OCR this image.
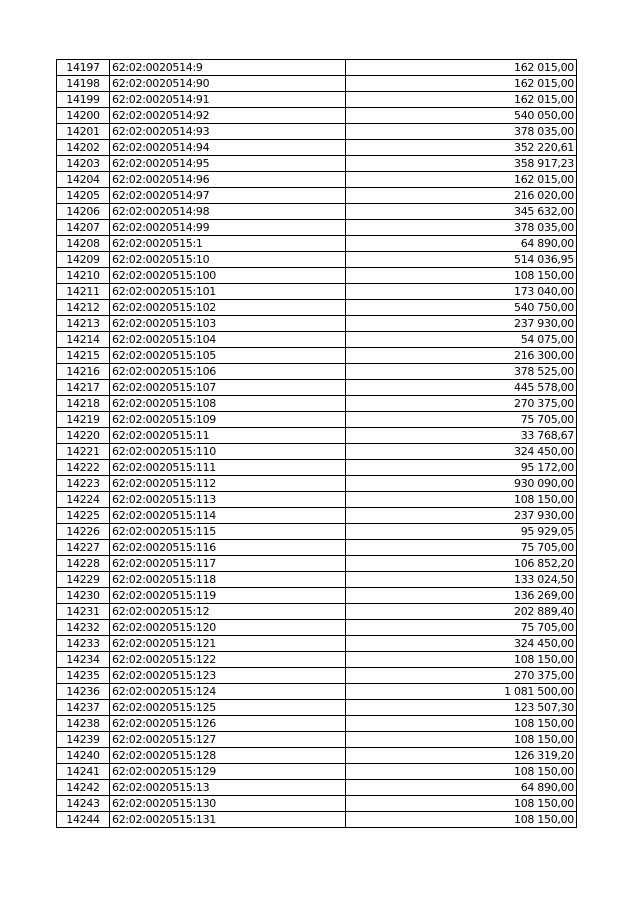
14197	62:02:0020514:9	162 015,00
14198	62:02:0020514:90	162 015,00
14199	62:02:0020514:91	162 015,00
14200	62:02:0020514:92	540 050,00
14201	62:02:0020514:93	378 035,00
14202	62:02:0020514:94	352 220,61
14203	62:02:0020514:95	358 917,23
14204	62:02:0020514:96	162 015,00
14205	62:02:0020514:97	216 020,00
14206	62:02:0020514:98	345 632,00
14207	62:02:0020514:99	378 035,00
14208	62:02:0020515:1	64 890,00
14209	62:02:0020515:10	514 036,95
14210	62:02:0020515:100	108 150,00
14211	62:02:0020515:101	173 040,00
14212	62:02:0020515:102	540 750,00
14213	62:02:0020515:103	237 930,00
14214	62:02:0020515:104	54 075,00
14215	62:02:0020515:105	216 300,00
14216	62:02:0020515:106	378 525,00
14217	62:02:0020515:107	445 578,00
14218	62:02:0020515:108	270 375,00
14219	62:02:0020515:109	75 705,00
14220	62:02:0020515:11	33 768,67
14221	62:02:0020515:110	324 450,00
14222	62:02:0020515:111	95 172,00
14223	62:02:0020515:112	930 090,00
14224	62:02:0020515:113	108 150,00
14225	62:02:0020515:114	237 930,00
14226	62:02:0020515:115	95 929,05
14227	62:02:0020515:116	75 705,00
14228	62:02:0020515:117	106 852,20
14229	62:02:0020515:118	133 024,50
14230	62:02:0020515:119	136 269,00
14231	62:02:0020515:12	202 889,40
14232	62:02:0020515:120	75 705,00
14233	62:02:0020515:121	324 450,00
14234	62:02:0020515:122	108 150,00
14235	62:02:0020515:123	270 375,00
14236	62:02:0020515:124	1 081 500,00
14237	62:02:0020515:125	123 507,30
14238	62:02:0020515:126	108 150,00
14239	62:02:0020515:127	108 150,00
14240	62:02:0020515:128	126 319,20
14241	62:02:0020515:129	108 150,00
14242	62:02:0020515:13	64 890,00
14243	62:02:0020515:130	108 150,00
14244	62:02:0020515:131	108 150,00
